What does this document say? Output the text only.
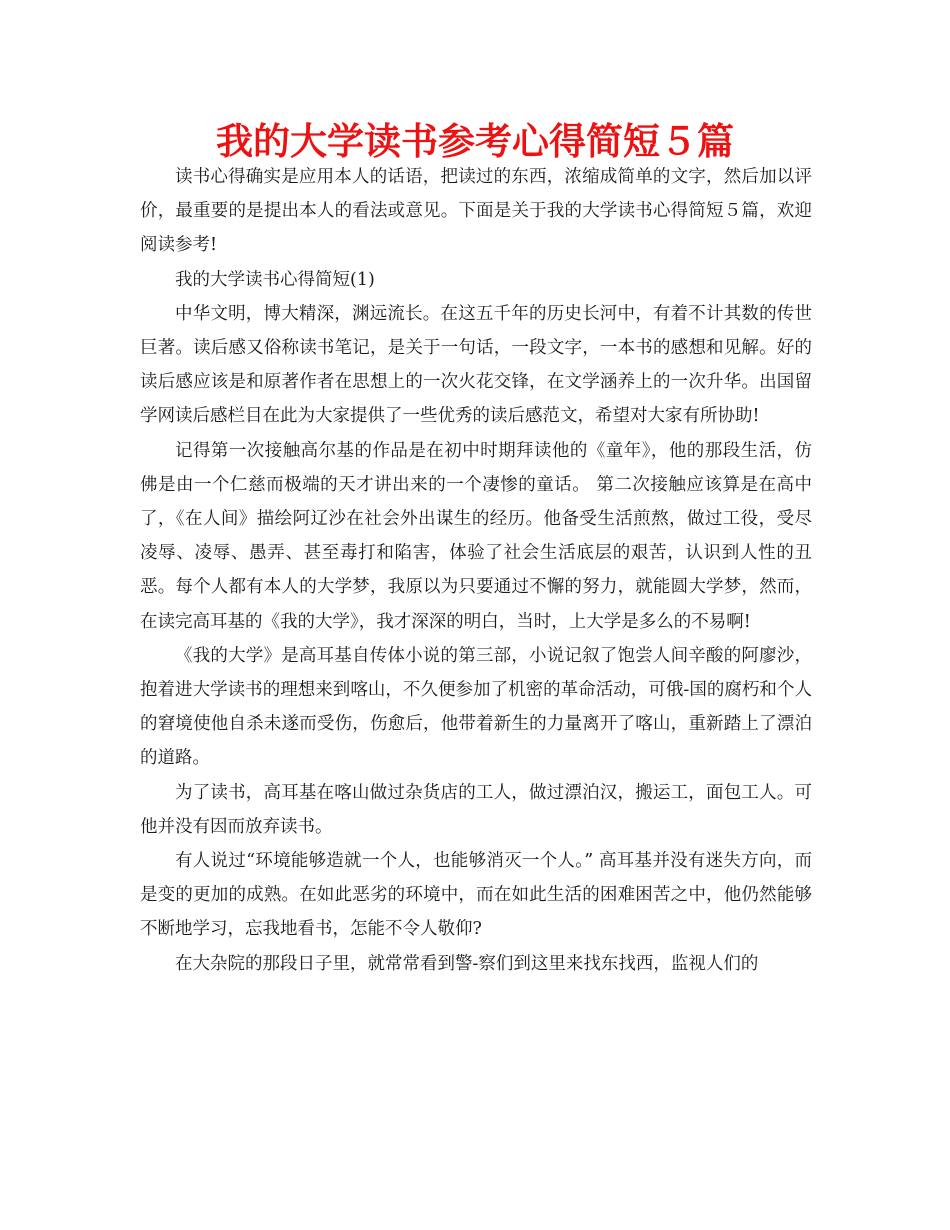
我的大学读书参考心得简短５篇

读书心得确实是应用本人的话语，把读过的东西，浓缩成简单的文字，然后加以评价，最重要的是提出本人的看法或意见。下面是关于我的大学读书心得简短５篇，欢迎阅读参考!

我的大学读书心得简短(1)

中华文明，博大精深，渊远流长。在这五千年的历史长河中，有着不计其数的传世巨著。读后感又俗称读书笔记，是关于一句话，一段文字，一本书的感想和见解。好的读后感应该是和原著作者在思想上的一次火花交锋，在文学涵养上的一次升华。出国留学网读后感栏目在此为大家提供了一些优秀的读后感范文，希望对大家有所协助!

记得第一次接触高尔基的作品是在初中时期拜读他的《童年》，他的那段生活，仿佛是由一个仁慈而极端的天才讲出来的一个凄惨的童话。 第二次接触应该算是在高中了，《在人间》描绘阿辽沙在社会外出谋生的经历。他备受生活煎熬，做过工役，受尽凌辱、凌辱、愚弄、甚至毒打和陷害，体验了社会生活底层的艰苦，认识到人性的丑恶。每个人都有本人的大学梦，我原以为只要通过不懈的努力，就能圆大学梦，然而，在读完高耳基的《我的大学》，我才深深的明白，当时，上大学是多么的不易啊!

《我的大学》是高耳基自传体小说的第三部，小说记叙了饱尝人间辛酸的阿廖沙，抱着进大学读书的理想来到喀山，不久便参加了机密的革命活动，可俄-国的腐朽和个人的窘境使他自杀未遂而受伤，伤愈后，他带着新生的力量离开了喀山，重新踏上了漂泊的道路。

为了读书，高耳基在喀山做过杂货店的工人，做过漂泊汉，搬运工，面包工人。可他并没有因而放弃读书。

有人说过“环境能够造就一个人，也能够消灭一个人。” 高耳基并没有迷失方向，而是变的更加的成熟。在如此恶劣的环境中，而在如此生活的困难困苦之中，他仍然能够不断地学习，忘我地看书，怎能不令人敬仰?

在大杂院的那段日子里，就常常看到警-察们到这里来找东找西，监视人们的
